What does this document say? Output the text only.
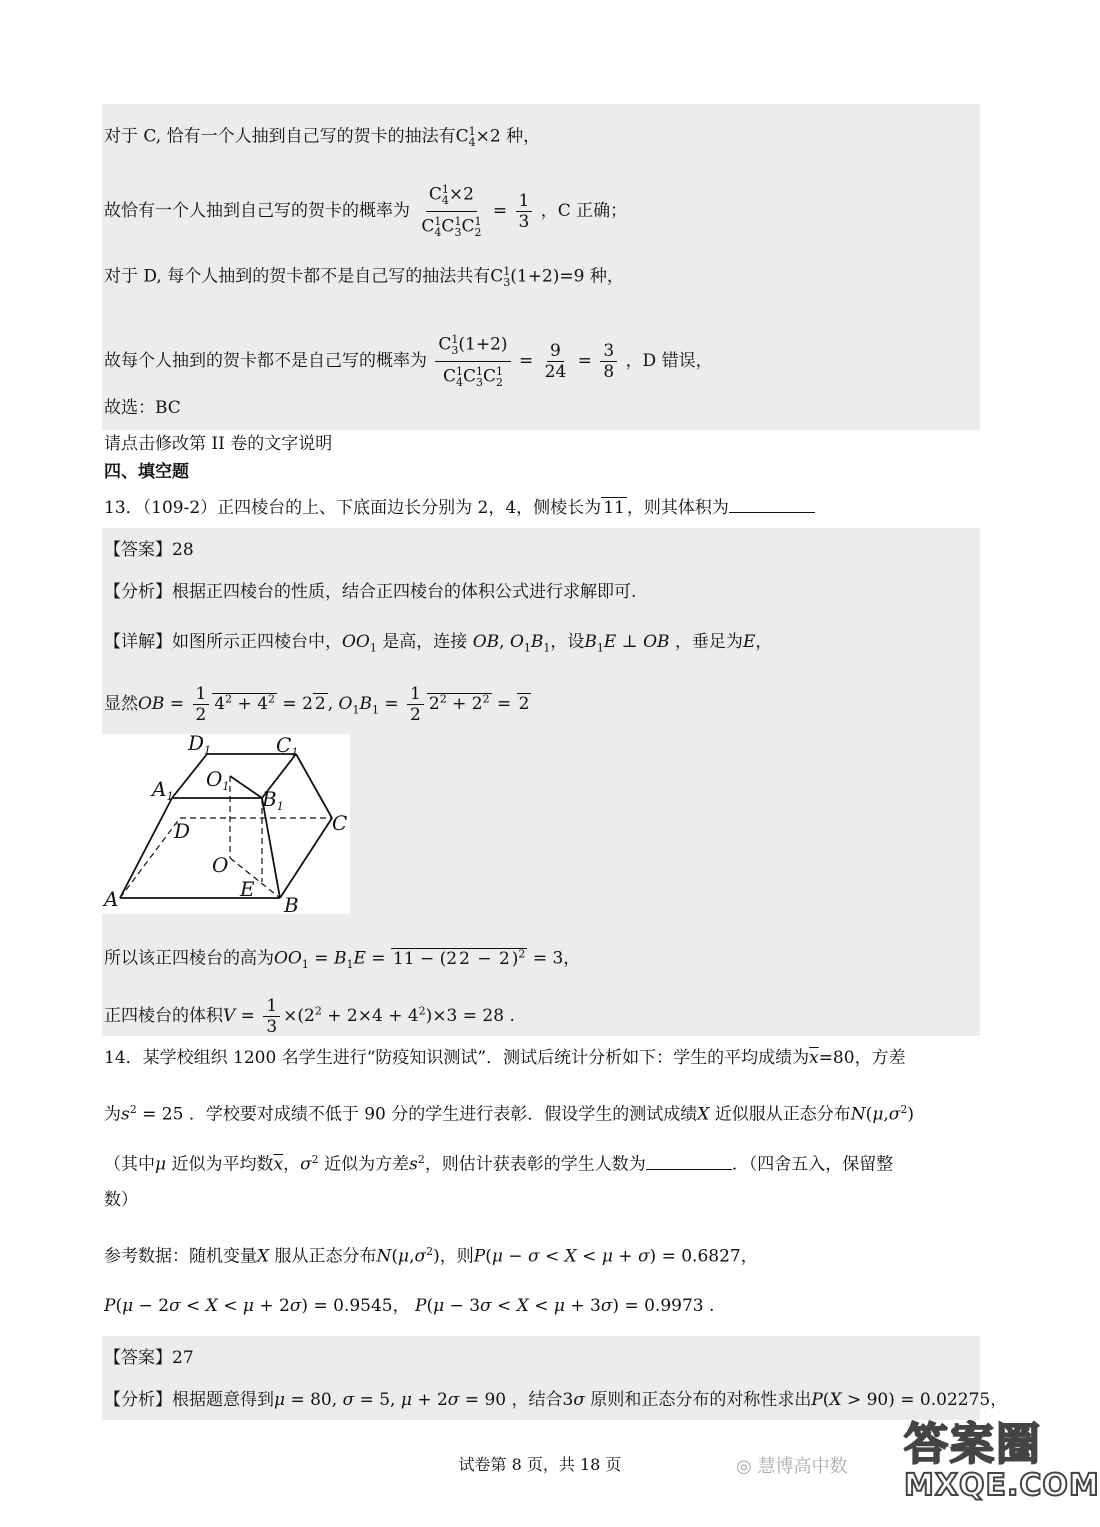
对于 C, 恰有一个人抽到自己写的贺卡的抽法有$C^1_4\times 2$ 种，
故恰有一个人抽到自己写的贺卡的概率为 $\frac{C^1_4\times 2}{C^1_4C^1_3C^1_2} = \frac{1}{3}$ ，C 正确；
对于 D, 每个人抽到的贺卡都不是自己写的抽法共有$C^1_3(1+2)=9$ 种，
故每个人抽到的贺卡都不是自己写的概率为 $\frac{C^1_3(1+2)}{C^1_4C^1_3C^1_2} = \frac{9}{24} = \frac{3}{8}$ ，D 错误，
故选：BC
请点击修改第 II 卷的文字说明
四、填空题
13．（109-2）正四棱台的上、下底面边长分别为 2，4，侧棱长为 11 ，则其体积为
【答案】28
【分析】根据正四棱台的性质，结合正四棱台的体积公式进行求解即可.
【详解】如图所示正四棱台中，$OO_1$ 是高，连接 OB, $O_1B_1$，设$B_1E$ ⊥ OB ，垂足为E，
显然OB = $\frac{1}{2} 4^2 + 4^2 = 2$ 2 , $O_1B_1 = \frac{1}{2} 2^2 + 2^2 = 2$
$D_1$	$C_1$
$A_1$
$O_1$
$B_1$
C
D
O
E
A	B
所以该正四棱台的高为$OO_1 = B_1E = 11 - (2$ 2 − 2 )$^2$ = 3，
正四棱台的体积$V = \frac{1}{3} \times(2^2 + 2\times 4 + 4^2)\times 3 = 28$ .
14．某学校组织 1200 名学生进行“防疫知识测试”．测试后统计分析如下：学生的平均成绩为$\overline{x}=80$，方差
为$s^2 = 25$ ．学校要对成绩不低于 90 分的学生进行表彰．假设学生的测试成绩X 近似服从正态分布$N(\mu,\sigma^2)$
（其中μ 近似为平均数$\overline{x}$，$\sigma^2$ 近似为方差$s^2$，则估计获表彰的学生人数为	．（四舍五入，保留整
数）
参考数据：随机变量X 服从正态分布$N(\mu,\sigma^2)$，则P(μ − σ < X < μ + σ) = 0.6827，
P(μ − 2σ < X < μ + 2σ) = 0.9545， P(μ − 3σ < X < μ + 3σ) = 0.9973 .
【答案】27
【分析】根据题意得到μ = 80, σ = 5, μ + 2σ = 90 ，结合3σ 原则和正态分布的对称性求出P(X > 90) = 0.02275，
试卷第 8 页，共 18 页	◎ 慧博高中数 答案圈
MXQE.COM
